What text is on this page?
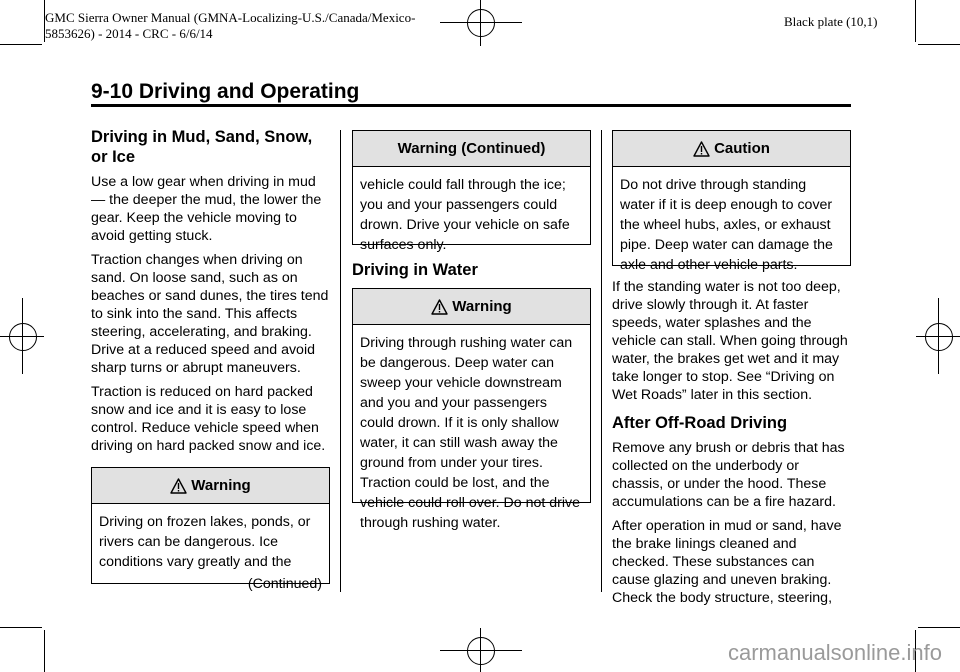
GMC Sierra Owner Manual (GMNA-Localizing-U.S./Canada/Mexico-
5853626) - 2014 - CRC - 6/6/14
Black plate (10,1)
9-10 Driving and Operating
Driving in Mud, Sand, Snow, or Ice
Use a low gear when driving in mud — the deeper the mud, the lower the gear. Keep the vehicle moving to avoid getting stuck.
Traction changes when driving on sand. On loose sand, such as on beaches or sand dunes, the tires tend to sink into the sand. This affects steering, accelerating, and braking. Drive at a reduced speed and avoid sharp turns or abrupt maneuvers.
Traction is reduced on hard packed snow and ice and it is easy to lose control. Reduce vehicle speed when driving on hard packed snow and ice.
Warning
Driving on frozen lakes, ponds, or rivers can be dangerous. Ice conditions vary greatly and the
(Continued)
Warning (Continued)
vehicle could fall through the ice; you and your passengers could drown. Drive your vehicle on safe surfaces only.
Driving in Water
Warning
Driving through rushing water can be dangerous. Deep water can sweep your vehicle downstream and you and your passengers could drown. If it is only shallow water, it can still wash away the ground from under your tires. Traction could be lost, and the vehicle could roll over. Do not drive through rushing water.
Caution
Do not drive through standing water if it is deep enough to cover the wheel hubs, axles, or exhaust pipe. Deep water can damage the axle and other vehicle parts.
If the standing water is not too deep, drive slowly through it. At faster speeds, water splashes and the vehicle can stall. When going through water, the brakes get wet and it may take longer to stop. See “Driving on Wet Roads” later in this section.
After Off-Road Driving
Remove any brush or debris that has collected on the underbody or chassis, or under the hood. These accumulations can be a fire hazard.
After operation in mud or sand, have the brake linings cleaned and checked. These substances can cause glazing and uneven braking. Check the body structure, steering,
carmanualsonline.info
